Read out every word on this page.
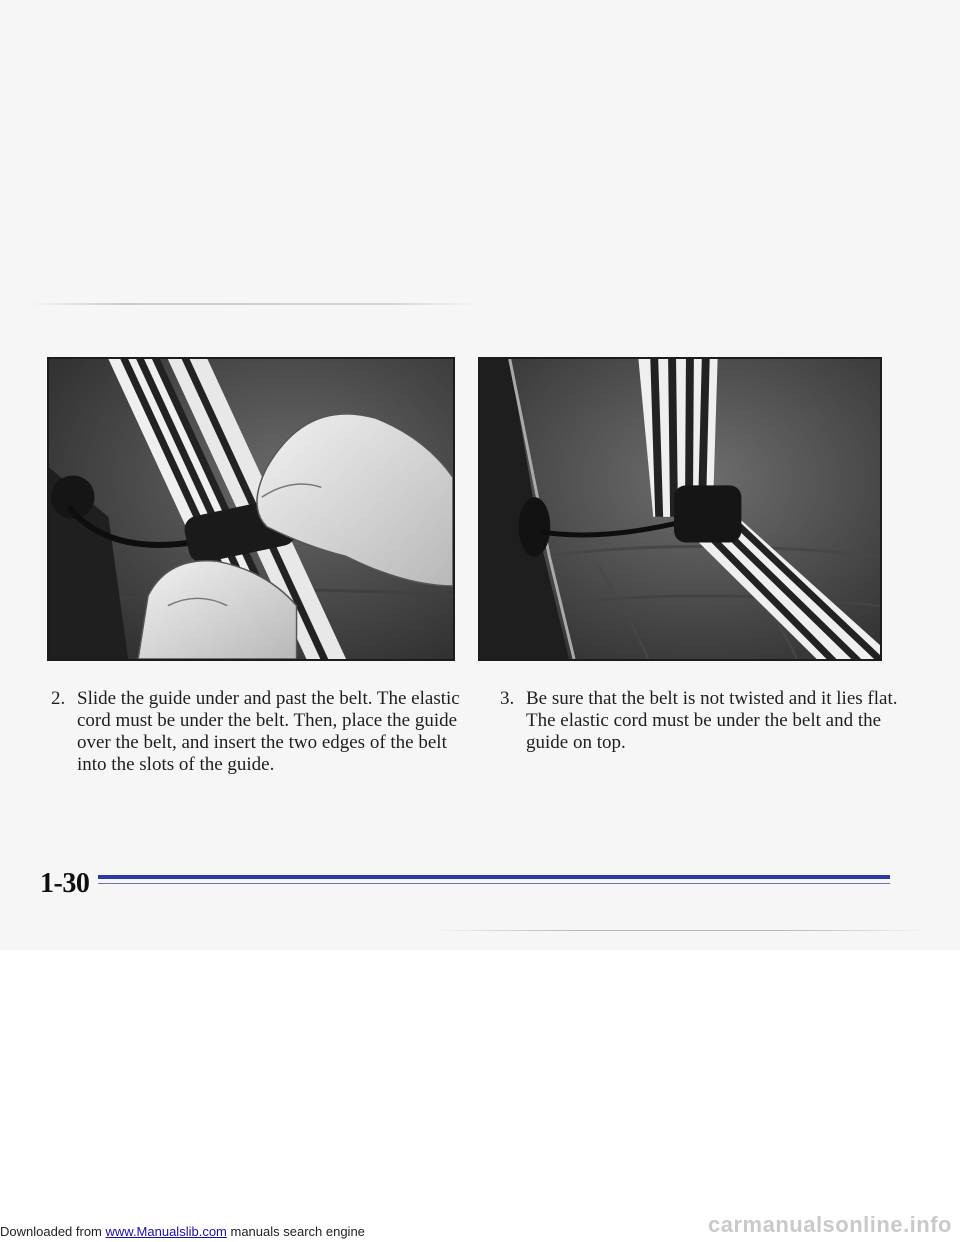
2. Slide the guide under and past the belt. The elastic cord must be under the belt. Then, place the guide over the belt, and insert the two edges of the belt into the slots of the guide.
3. Be sure that the belt is not twisted and it lies flat. The elastic cord must be under the belt and the guide on top.
1-30
Downloaded from www.Manualslib.com manuals search engine	carmanualsonline.info
